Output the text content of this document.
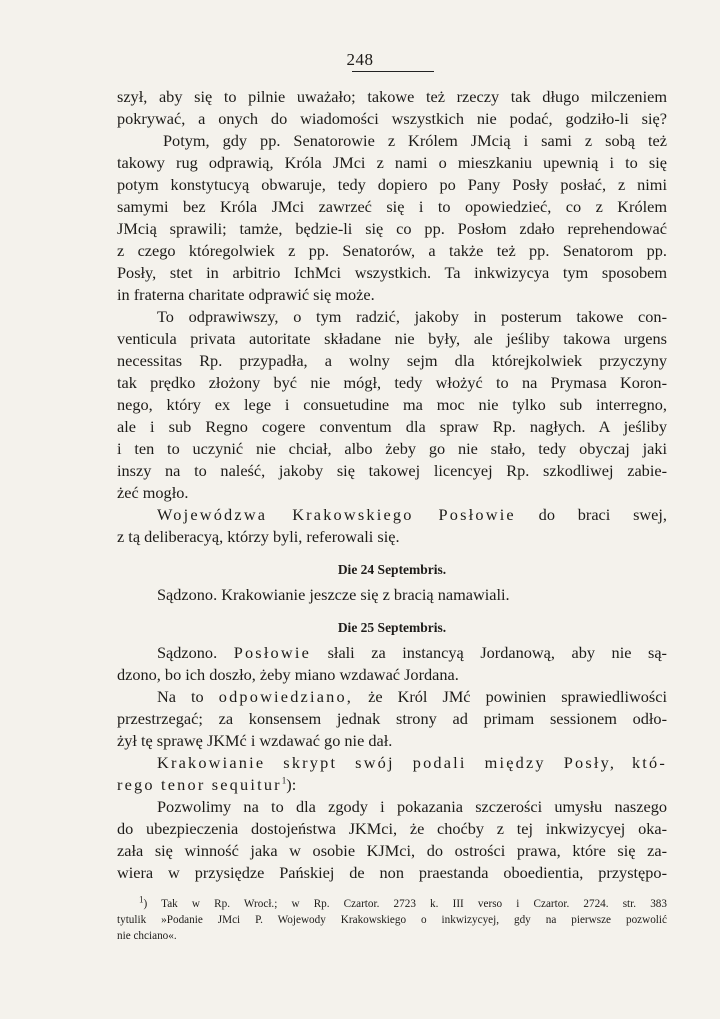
248
szył, aby się to pilnie uważało; takowe też rzeczy tak długo milczeniem
pokrywać, a onych do wiadomości wszystkich nie podać, godziło-li się?
Potym, gdy pp. Senatorowie z Królem JMcią i sami z sobą też
takowy rug odprawią, Króla JMci z nami o mieszkaniu upewnią i to się
potym konstytucyą obwaruje, tedy dopiero po Pany Posły posłać, z nimi
samymi bez Króla JMci zawrzeć się i to opowiedzieć, co z Królem
JMcią sprawili; tamże, będzie-li się co pp. Posłom zdało reprehendować
z czego któregolwiek z pp. Senatorów, a także też pp. Senatorom pp.
Posły, stet in arbitrio IchMci wszystkich. Ta inkwizycya tym sposobem
in fraterna charitate odprawić się może.
To odprawiwszy, o tym radzić, jakoby in posterum takowe con-
venticula privata autoritate składane nie były, ale jeśliby takowa urgens
necessitas Rp. przypadła, a wolny sejm dla którejkolwiek przyczyny
tak prędko złożony być nie mógł, tedy włożyć to na Prymasa Koron-
nego, który ex lege i consuetudine ma moc nie tylko sub interregno,
ale i sub Regno cogere conventum dla spraw Rp. nagłych. A jeśliby
i ten to uczynić nie chciał, albo żeby go nie stało, tedy obyczaj jaki
inszy na to naleść, jakoby się takowej licencyej Rp. szkodliwej zabie-
żeć mogło.
Wojewódzwa Krakowskiego Posłowie do braci swej,
z tą deliberacyą, którzy byli, referowali się.
Die 24 Septembris.
Sądzono. Krakowianie jeszcze się z bracią namawiali.
Die 25 Septembris.
Sądzono. Posłowie słali za instancyą Jordanową, aby nie są-
dzono, bo ich doszło, żeby miano wzdawać Jordana.
Na to odpowiedziano, że Król JMć powinien sprawiedliwości
przestrzegać; za konsensem jednak strony ad primam sessionem odło-
żył tę sprawę JKMć i wzdawać go nie dał.
Krakowianie skrypt swój podali między Posły, któ-
rego tenor sequitur$^1$):
Pozwolimy na to dla zgody i pokazania szczerości umysłu naszego
do ubezpieczenia dostojeństwa JKMci, że choćby z tej inkwizycyej oka-
zała się winność jaka w osobie KJMci, do ostrości prawa, które się za-
wiera w przysiędze Pańskiej de non praestanda oboedientia, przystępo-
$^1$) Tak w Rp. Wrocł.; w Rp. Czartor. 2723 k. III verso i Czartor. 2724. str. 383
tytulik »Podanie JMci P. Wojewody Krakowskiego o inkwizycyej, gdy na pierwsze pozwolić
nie chciano«.
